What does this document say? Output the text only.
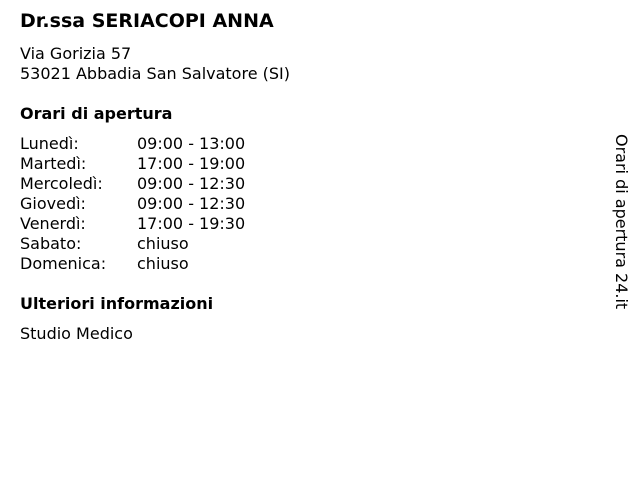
Dr.ssa SERIACOPI ANNA
Via Gorizia 57
53021 Abbadia San Salvatore (SI)
Orari di apertura
Lunedì:	09:00 - 13:00
Martedì:	17:00 - 19:00
Mercoledì:	09:00 - 12:30
Giovedì:	09:00 - 12:30
Venerdì:	17:00 - 19:30
Sabato:	chiuso
Domenica:	chiuso
Ulteriori informazioni
Studio Medico
Orari di apertura 24.it
